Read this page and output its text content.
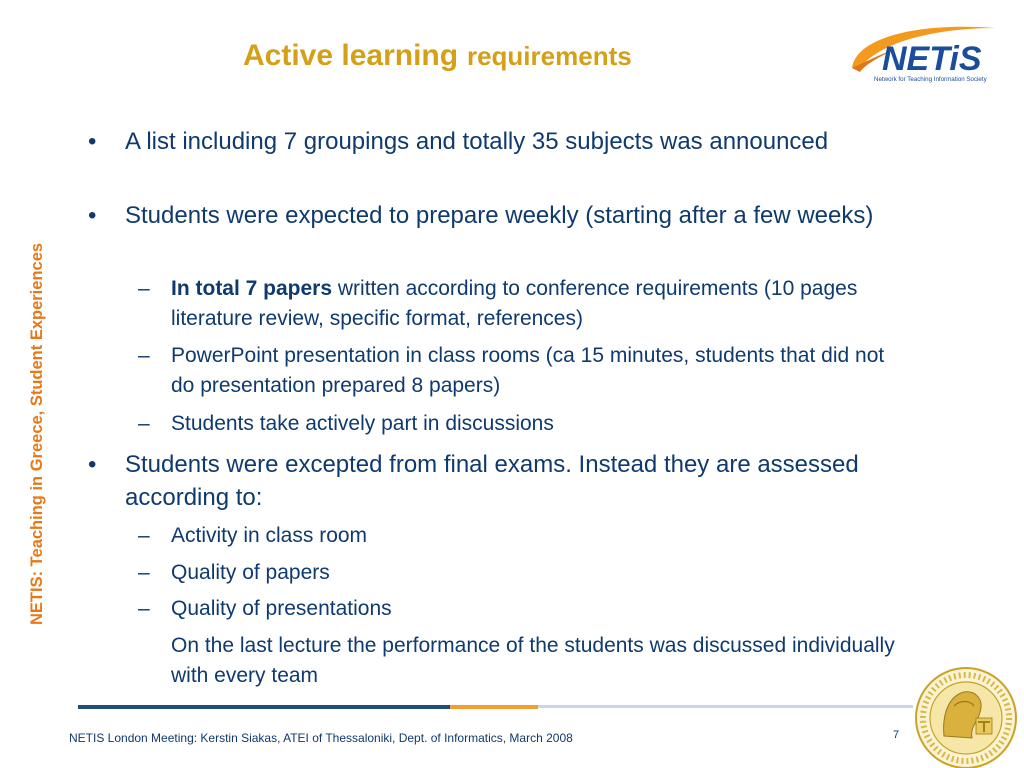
Active learning requirements	NETiS
Network for Teaching Information Society
NETIS: Teaching in Greece, Student Experiences
• A list including 7 groupings and totally 35 subjects was announced
• Students were expected to prepare weekly (starting after a few weeks)
– In total 7 papers written according to conference requirements (10 pages literature review, specific format, references)
– PowerPoint presentation in class rooms (ca 15 minutes, students that did not do presentation prepared 8 papers)
– Students take actively part in discussions
• Students were excepted from final exams. Instead they are assessed according to:
– Activity in class room
– Quality of papers
– Quality of presentations
On the last lecture the performance of the students was discussed individually with every team
NETIS London Meeting: Kerstin Siakas, ATEI of Thessaloniki, Dept. of Informatics, March 2008	7
